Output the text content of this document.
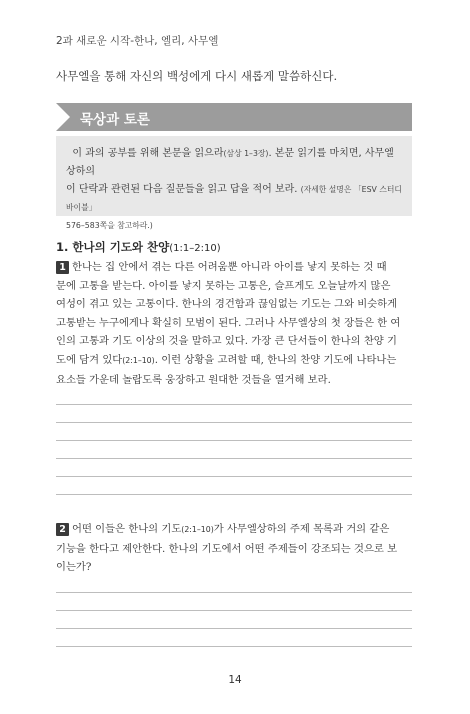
2과 새로운 시작-한나, 엘리, 사무엘
사무엘을 통해 자신의 백성에게 다시 새롭게 말씀하신다.
묵상과 토론
이 과의 공부를 위해 본문을 읽으라(삼상 1–3장). 본문 읽기를 마치면, 사무엘상하의
이 단락과 관련된 다음 질문들을 읽고 답을 적어 보라. (자세한 설명은 「ESV 스터디 바이블」
576–583쪽을 참고하라.)
1. 한나의 기도와 찬양(1:1–2:10)
1 한나는 집 안에서 겪는 다른 어려움뿐 아니라 아이를 낳지 못하는 것 때
문에 고통을 받는다. 아이를 낳지 못하는 고통은, 슬프게도 오늘날까지 많은
여성이 겪고 있는 고통이다. 한나의 경건함과 끊임없는 기도는 그와 비슷하게
고통받는 누구에게나 확실히 모범이 된다. 그러나 사무엘상의 첫 장들은 한 여
인의 고통과 기도 이상의 것을 말하고 있다. 가장 큰 단서들이 한나의 찬양 기
도에 담겨 있다(2:1–10). 이런 상황을 고려할 때, 한나의 찬양 기도에 나타나는
요소들 가운데 놀랍도록 웅장하고 원대한 것들을 열거해 보라.
2 어떤 이들은 한나의 기도(2:1–10)가 사무엘상하의 주제 목록과 거의 같은
기능을 한다고 제안한다. 한나의 기도에서 어떤 주제들이 강조되는 것으로 보
이는가?
14
